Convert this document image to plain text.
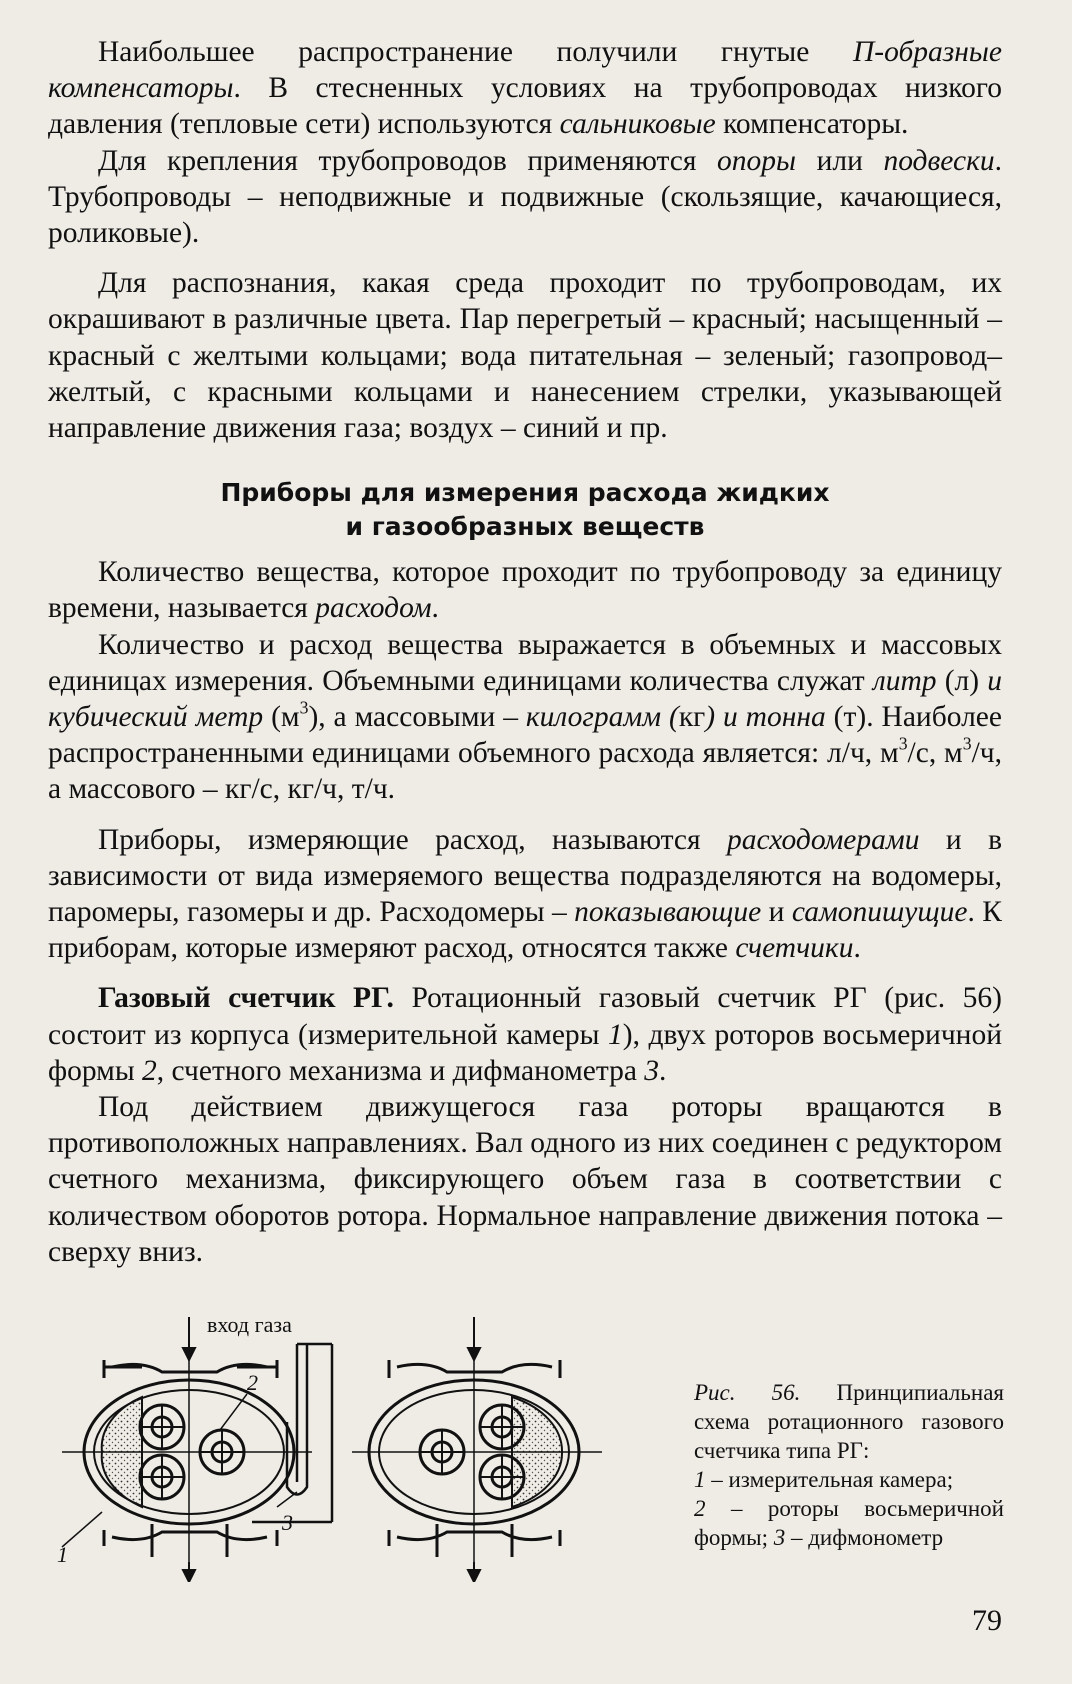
Наибольшее распространение получили гнутые П-образные компенсаторы. В стесненных условиях на трубопроводах низкого давления (тепловые сети) используются сальниковые компенсаторы.

Для крепления трубопроводов применяются опоры или подвески. Трубопроводы – неподвижные и подвижные (скользящие, качающиеся, роликовые).

Для распознания, какая среда проходит по трубопроводам, их окрашивают в различные цвета. Пар перегретый – красный; насыщенный – красный с желтыми кольцами; вода питательная – зеленый; газопровод– желтый, с красными кольцами и нанесением стрелки, указывающей направление движения газа; воздух – синий и пр.

Приборы для измерения расхода жидких
и газообразных веществ

Количество вещества, которое проходит по трубопроводу за единицу времени, называется расходом.

Количество и расход вещества выражается в объемных и массовых единицах измерения. Объемными единицами количества служат литр (л) и кубический метр $(м^3)$, а массовыми – килограмм (кг) и тонна (т). Наиболее распространенными единицами объемного расхода является: л/ч, $м^3/с$, $м^3/ч$, а массового – кг/с, кг/ч, т/ч.

Приборы, измеряющие расход, называются расходомерами и в зависимости от вида измеряемого вещества подразделяются на водомеры, паромеры, газомеры и др. Расходомеры – показывающие и самопишущие. К приборам, которые измеряют расход, относятся также счетчики.

Газовый счетчик РГ. Ротационный газовый счетчик РГ (рис. 56) состоит из корпуса (измерительной камеры 1), двух роторов восьмеричной формы 2, счетного механизма и дифманометра 3.

Под действием движущегося газа роторы вращаются в противоположных направлениях. Вал одного из них соединен с редуктором счетного механизма, фиксирующего объем газа в соответствии с количеством оборотов ротора. Нормальное направление движения потока – сверху вниз.

вход газа
2
1
3

Рис. 56. Принципиальная схема ротационного газового счетчика типа РГ:

1 – измерительная камера;

2 – роторы восьмеричной формы; 3 – дифмонометр

79
